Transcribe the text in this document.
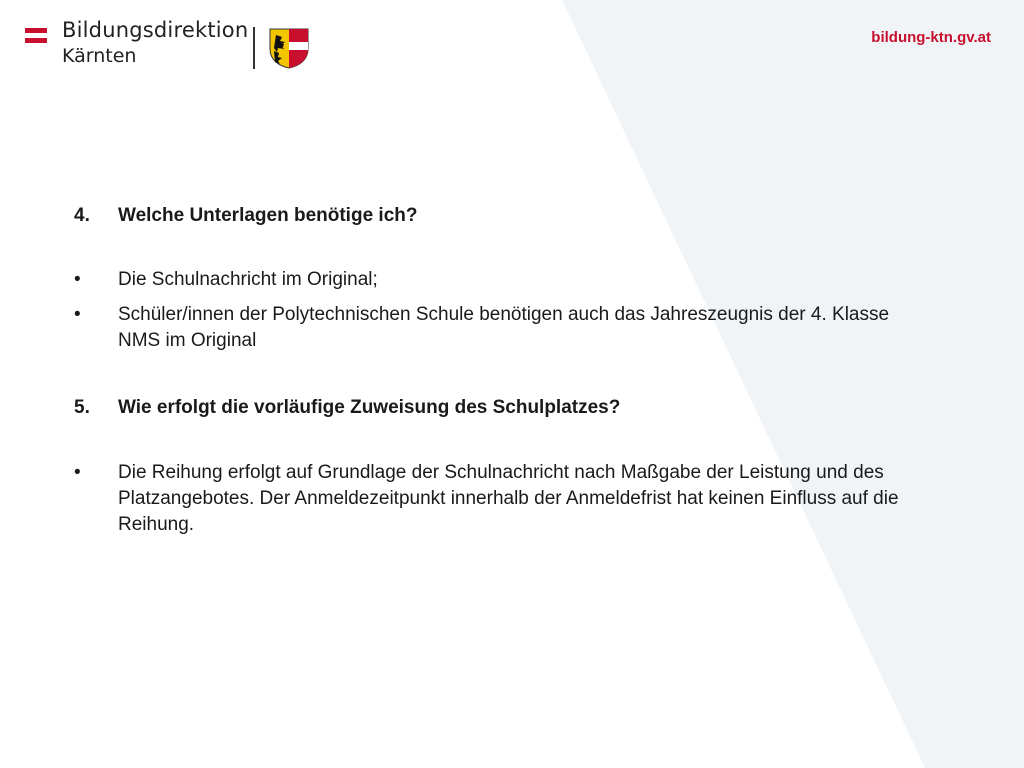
Bildungsdirektion
Kärnten
bildung-ktn.gv.at
4.	Welche Unterlagen benötige ich?
•	Die Schulnachricht im Original;
•	Schüler/innen der Polytechnischen Schule benötigen auch das Jahreszeugnis der 4. Klasse NMS im Original
5.	Wie erfolgt die vorläufige Zuweisung des Schulplatzes?
•	Die Reihung erfolgt auf Grundlage der Schulnachricht nach Maßgabe der Leistung und des Platzangebotes. Der Anmeldezeitpunkt innerhalb der Anmeldefrist hat keinen Einfluss auf die Reihung.
